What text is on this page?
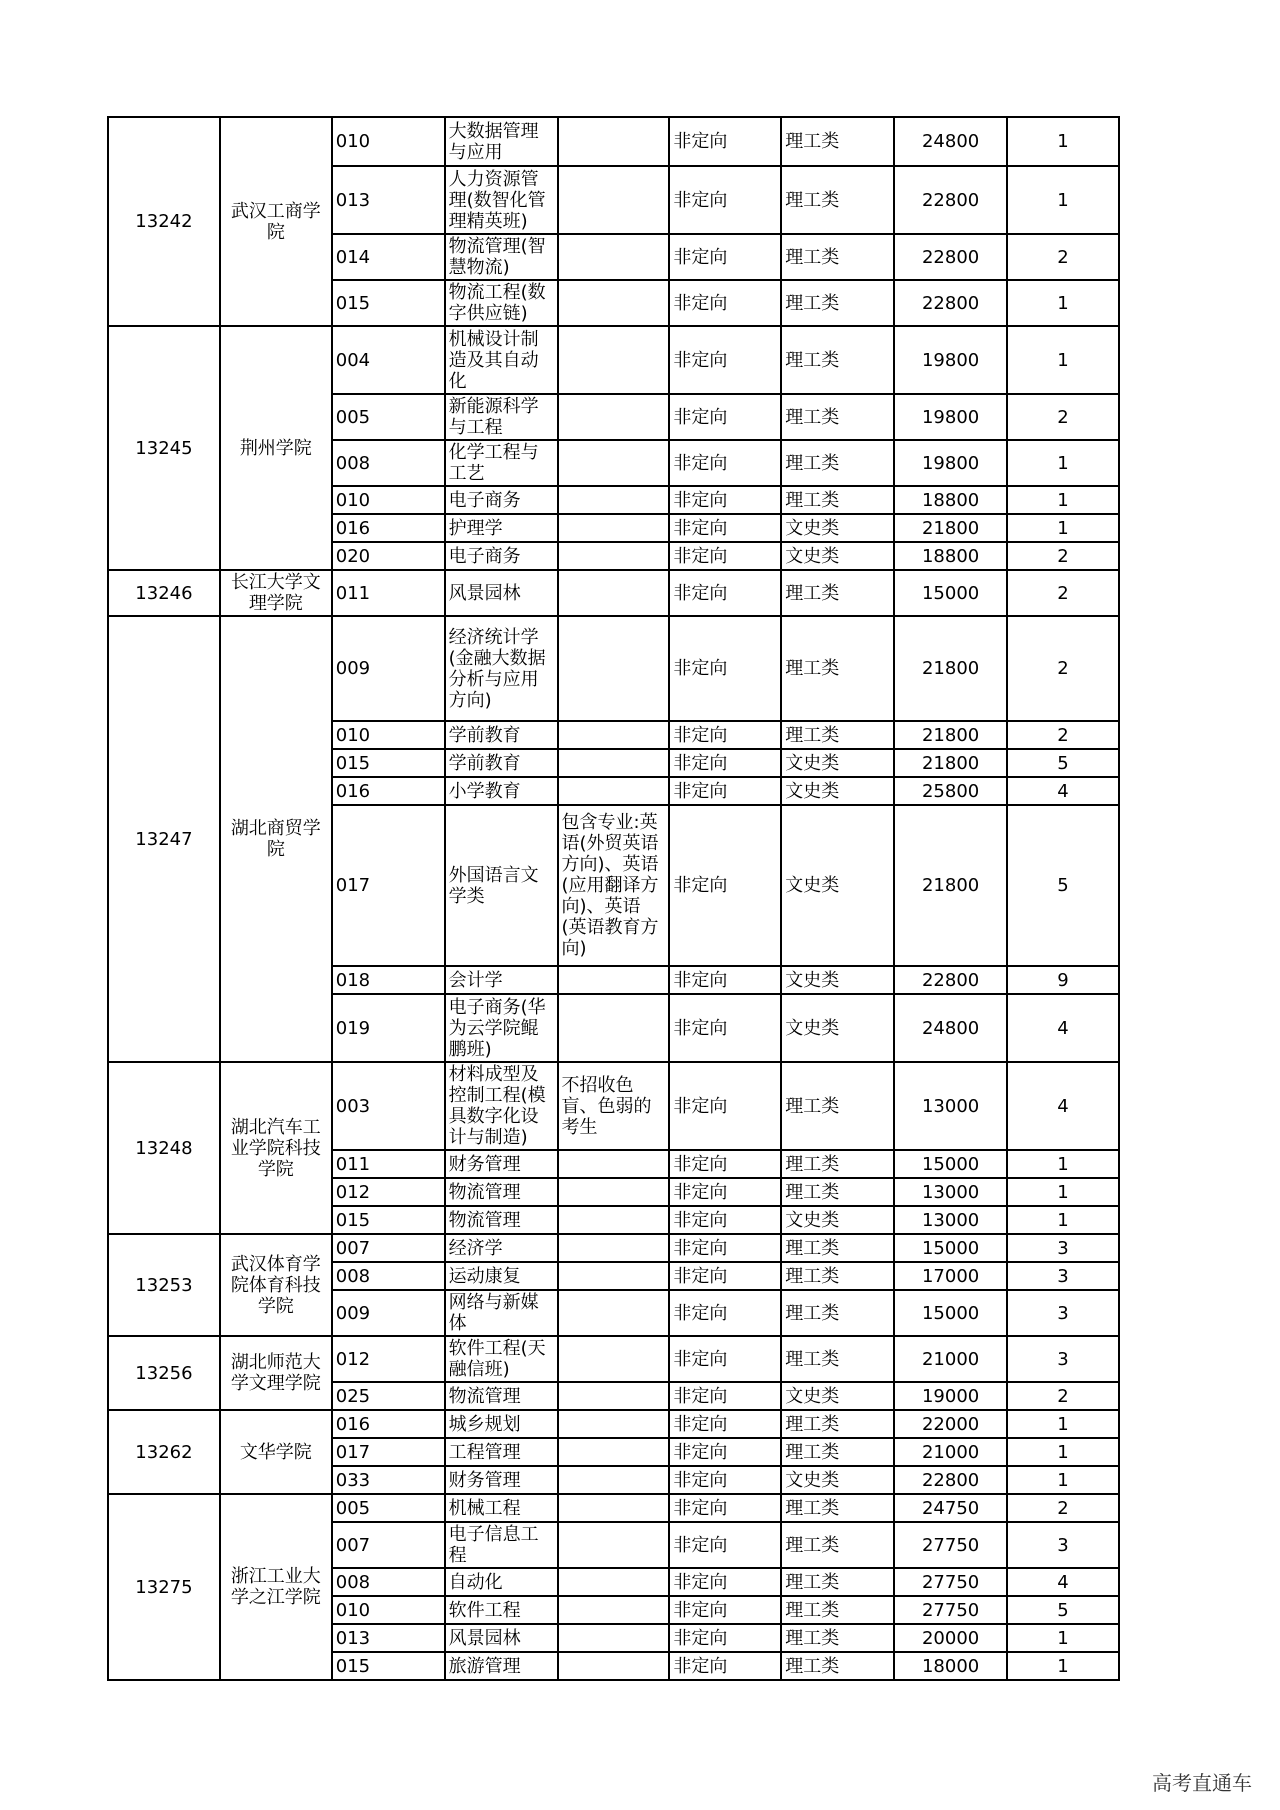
13242	武汉工商学院	010	大数据管理与应用		非定向	理工类	24800	1

		013	人力资源管理(数智化管理精英班)		非定向	理工类	22800	1

		014	物流管理(智慧物流)		非定向	理工类	22800	2

		015	物流工程(数字供应链)		非定向	理工类	22800	1

13245	荆州学院	004	机械设计制造及其自动化		非定向	理工类	19800	1

		005	新能源科学与工程		非定向	理工类	19800	2

		008	化学工程与工艺		非定向	理工类	19800	1

		010	电子商务		非定向	理工类	18800	1

		016	护理学		非定向	文史类	21800	1

		020	电子商务		非定向	文史类	18800	2

13246	长江大学文理学院	011	风景园林		非定向	理工类	15000	2

13247	湖北商贸学院	009	经济统计学(金融大数据分析与应用方向)		非定向	理工类	21800	2

		010	学前教育		非定向	理工类	21800	2

		015	学前教育		非定向	文史类	21800	5

		016	小学教育		非定向	文史类	25800	4

		017	外国语言文学类	包含专业:英语(外贸英语方向)、英语(应用翻译方向)、英语(英语教育方向)	非定向	文史类	21800	5

		018	会计学		非定向	文史类	22800	9

		019	电子商务(华为云学院鲲鹏班)		非定向	文史类	24800	4

13248	湖北汽车工业学院科技学院	003	材料成型及控制工程(模具数字化设计与制造)	不招收色盲、色弱的考生	非定向	理工类	13000	4

		011	财务管理		非定向	理工类	15000	1

		012	物流管理		非定向	理工类	13000	1

		015	物流管理		非定向	文史类	13000	1

13253	武汉体育学院体育科技学院	007	经济学		非定向	理工类	15000	3

		008	运动康复		非定向	理工类	17000	3

		009	网络与新媒体		非定向	理工类	15000	3

13256	湖北师范大学文理学院	012	软件工程(天融信班)		非定向	理工类	21000	3

		025	物流管理		非定向	文史类	19000	2

13262	文华学院	016	城乡规划		非定向	理工类	22000	1

		017	工程管理		非定向	理工类	21000	1

		033	财务管理		非定向	文史类	22800	1

13275	浙江工业大学之江学院	005	机械工程		非定向	理工类	24750	2

		007	电子信息工程		非定向	理工类	27750	3

		008	自动化		非定向	理工类	27750	4

		010	软件工程		非定向	理工类	27750	5

		013	风景园林		非定向	理工类	20000	1

		015	旅游管理		非定向	理工类	18000	1
高考直通车
